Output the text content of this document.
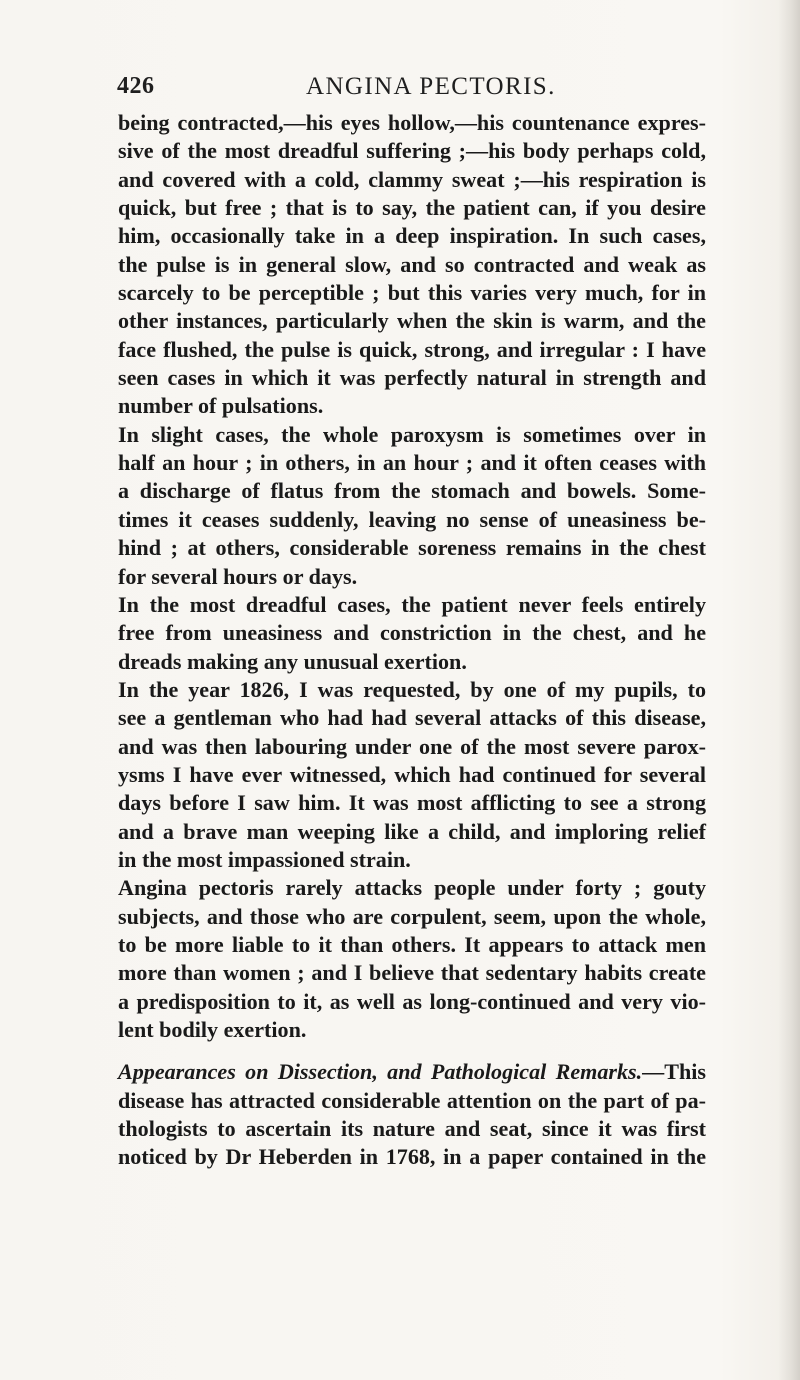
426	ANGINA PECTORIS.
being contracted,—his eyes hollow,—his countenance expres-
sive of the most dreadful suffering ;—his body perhaps cold,
and covered with a cold, clammy sweat ;—his respiration is
quick, but free ; that is to say, the patient can, if you desire
him, occasionally take in a deep inspiration. In such cases,
the pulse is in general slow, and so contracted and weak as
scarcely to be perceptible ; but this varies very much, for in
other instances, particularly when the skin is warm, and the
face flushed, the pulse is quick, strong, and irregular : I have
seen cases in which it was perfectly natural in strength and
number of pulsations.
In slight cases, the whole paroxysm is sometimes over in
half an hour ; in others, in an hour ; and it often ceases with
a discharge of flatus from the stomach and bowels. Some-
times it ceases suddenly, leaving no sense of uneasiness be-
hind ; at others, considerable soreness remains in the chest
for several hours or days.
In the most dreadful cases, the patient never feels entirely
free from uneasiness and constriction in the chest, and he
dreads making any unusual exertion.
In the year 1826, I was requested, by one of my pupils, to
see a gentleman who had had several attacks of this disease,
and was then labouring under one of the most severe parox-
ysms I have ever witnessed, which had continued for several
days before I saw him. It was most afflicting to see a strong
and a brave man weeping like a child, and imploring relief
in the most impassioned strain.
Angina pectoris rarely attacks people under forty ; gouty
subjects, and those who are corpulent, seem, upon the whole,
to be more liable to it than others. It appears to attack men
more than women ; and I believe that sedentary habits create
a predisposition to it, as well as long-continued and very vio-
lent bodily exertion.
Appearances on Dissection, and Pathological Remarks.—This
disease has attracted considerable attention on the part of pa-
thologists to ascertain its nature and seat, since it was first
noticed by Dr Heberden in 1768, in a paper contained in the
